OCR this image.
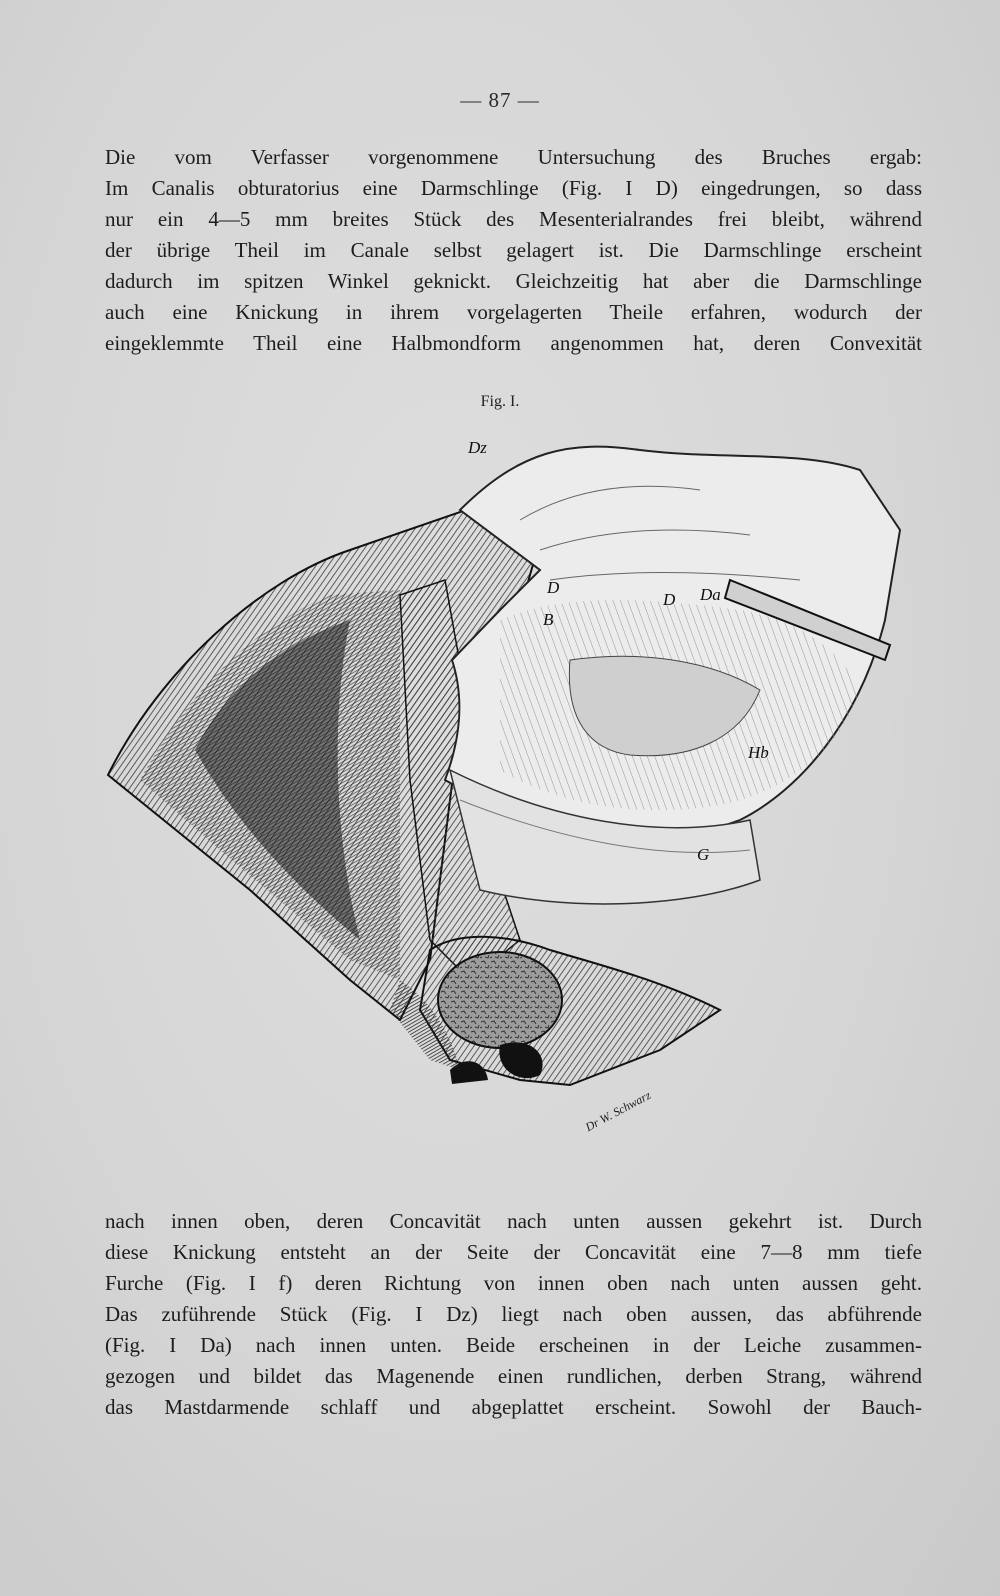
— 87 —
Die vom Verfasser vorgenommene Untersuchung des Bruches ergab:
Im Canalis obturatorius eine Darmschlinge (Fig. I D) eingedrungen, so dass
nur ein 4—5 mm breites Stück des Mesenterialrandes frei bleibt, während
der übrige Theil im Canale selbst gelagert ist. Die Darmschlinge erscheint
dadurch im spitzen Winkel geknickt. Gleichzeitig hat aber die Darmschlinge
auch eine Knickung in ihrem vorgelagerten Theile erfahren, wodurch der
eingeklemmte Theil eine Halbmondform angenommen hat, deren Convexität
Fig. I.
Dz
D
B
D Da
Hb
G
Dr W. Schwarz
nach innen oben, deren Concavität nach unten aussen gekehrt ist. Durch
diese Knickung entsteht an der Seite der Concavität eine 7—8 mm tiefe
Furche (Fig. I f) deren Richtung von innen oben nach unten aussen geht.
Das zuführende Stück (Fig. I Dz) liegt nach oben aussen, das abführende
(Fig. I Da) nach innen unten. Beide erscheinen in der Leiche zusammen-
gezogen und bildet das Magenende einen rundlichen, derben Strang, während
das Mastdarmende schlaff und abgeplattet erscheint. Sowohl der Bauch-
